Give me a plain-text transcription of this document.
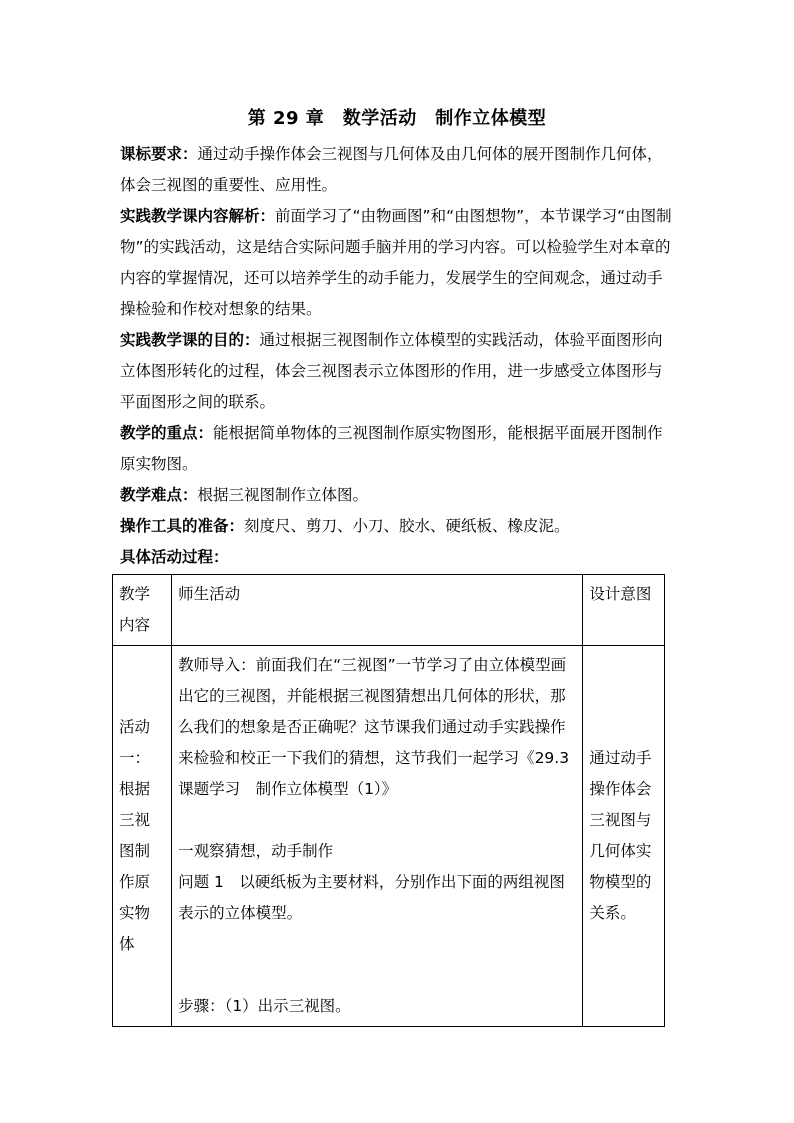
第 29 章　数学活动　制作立体模型
课标要求：通过动手操作体会三视图与几何体及由几何体的展开图制作几何体，体会三视图的重要性、应用性。
实践教学课内容解析：前面学习了“由物画图”和“由图想物”，本节课学习“由图制物”的实践活动，这是结合实际问题手脑并用的学习内容。可以检验学生对本章的内容的掌握情况，还可以培养学生的动手能力，发展学生的空间观念，通过动手操检验和作校对想象的结果。
实践教学课的目的：通过根据三视图制作立体模型的实践活动，体验平面图形向立体图形转化的过程，体会三视图表示立体图形的作用，进一步感受立体图形与平面图形之间的联系。
教学的重点：能根据简单物体的三视图制作原实物图形，能根据平面展开图制作原实物图。
教学难点：根据三视图制作立体图。
操作工具的准备：刻度尺、剪刀、小刀、胶水、硬纸板、橡皮泥。
具体活动过程：
教学内容	师生活动	设计意图
活动一：根据三视图制作原实物体	教师导入：前面我们在“三视图”一节学习了由立体模型画出它的三视图，并能根据三视图猜想出几何体的形状，那么我们的想象是否正确呢？这节课我们通过动手实践操作来检验和校正一下我们的猜想，这节我们一起学习《29.3 课题学习　制作立体模型（1）》
一观察猜想，动手制作
问题 1　以硬纸板为主要材料，分别作出下面的两组视图表示的立体模型。
步骤：（1）出示三视图。	通过动手操作体会三视图与几何体实物模型的关系。
